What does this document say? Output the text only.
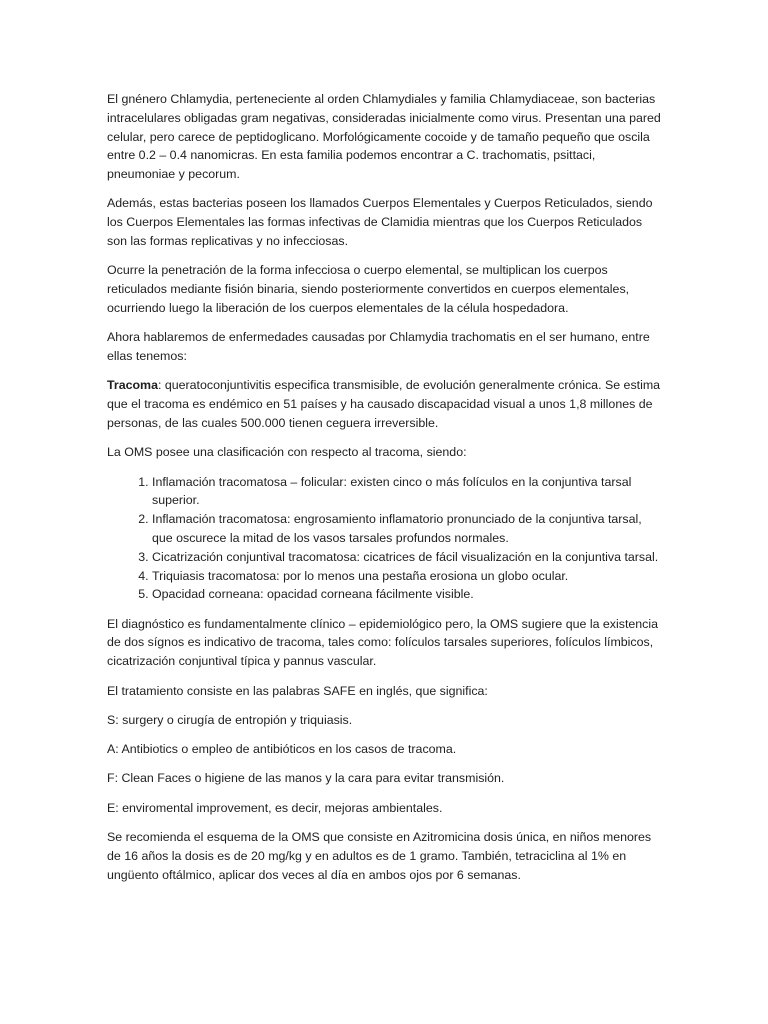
El gnénero Chlamydia, perteneciente al orden Chlamydiales y familia Chlamydiaceae, son bacterias intracelulares obligadas gram negativas, consideradas inicialmente como virus. Presentan una pared celular, pero carece de peptidoglicano. Morfológicamente cocoide y de tamaño pequeño que oscila entre 0.2 – 0.4 nanomicras. En esta familia podemos encontrar a C. trachomatis, psittaci, pneumoniae y pecorum.

Además, estas bacterias poseen los llamados Cuerpos Elementales y Cuerpos Reticulados, siendo los Cuerpos Elementales las formas infectivas de Clamidia mientras que los Cuerpos Reticulados son las formas replicativas y no infecciosas.

Ocurre la penetración de la forma infecciosa o cuerpo elemental, se multiplican los cuerpos reticulados mediante fisión binaria, siendo posteriormente convertidos en cuerpos elementales, ocurriendo luego la liberación de los cuerpos elementales de la célula hospedadora.

Ahora hablaremos de enfermedades causadas por Chlamydia trachomatis en el ser humano, entre ellas tenemos:

Tracoma: queratoconjuntivitis especifica transmisible, de evolución generalmente crónica. Se estima que el tracoma es endémico en 51 países y ha causado discapacidad visual a unos 1,8 millones de personas, de las cuales 500.000 tienen ceguera irreversible.

La OMS posee una clasificación con respecto al tracoma, siendo:

1. Inflamación tracomatosa – folicular: existen cinco o más folículos en la conjuntiva tarsal superior.
2. Inflamación tracomatosa: engrosamiento inflamatorio pronunciado de la conjuntiva tarsal, que oscurece la mitad de los vasos tarsales profundos normales.
3. Cicatrización conjuntival tracomatosa: cicatrices de fácil visualización en la conjuntiva tarsal.
4. Triquiasis tracomatosa: por lo menos una pestaña erosiona un globo ocular.
5. Opacidad corneana: opacidad corneana fácilmente visible.

El diagnóstico es fundamentalmente clínico – epidemiológico pero, la OMS sugiere que la existencia de dos sígnos es indicativo de tracoma, tales como: folículos tarsales superiores, folículos límbicos, cicatrización conjuntival típica y pannus vascular.

El tratamiento consiste en las palabras SAFE en inglés, que significa:

S: surgery o cirugía de entropión y triquiasis.

A: Antibiotics o empleo de antibióticos en los casos de tracoma.

F: Clean Faces o higiene de las manos y la cara para evitar transmisión.

E: enviromental improvement, es decir, mejoras ambientales.

Se recomienda el esquema de la OMS que consiste en Azitromicina dosis única, en niños menores de 16 años la dosis es de 20 mg/kg y en adultos es de 1 gramo. También, tetraciclina al 1% en ungüento oftálmico, aplicar dos veces al día en ambos ojos por 6 semanas.
